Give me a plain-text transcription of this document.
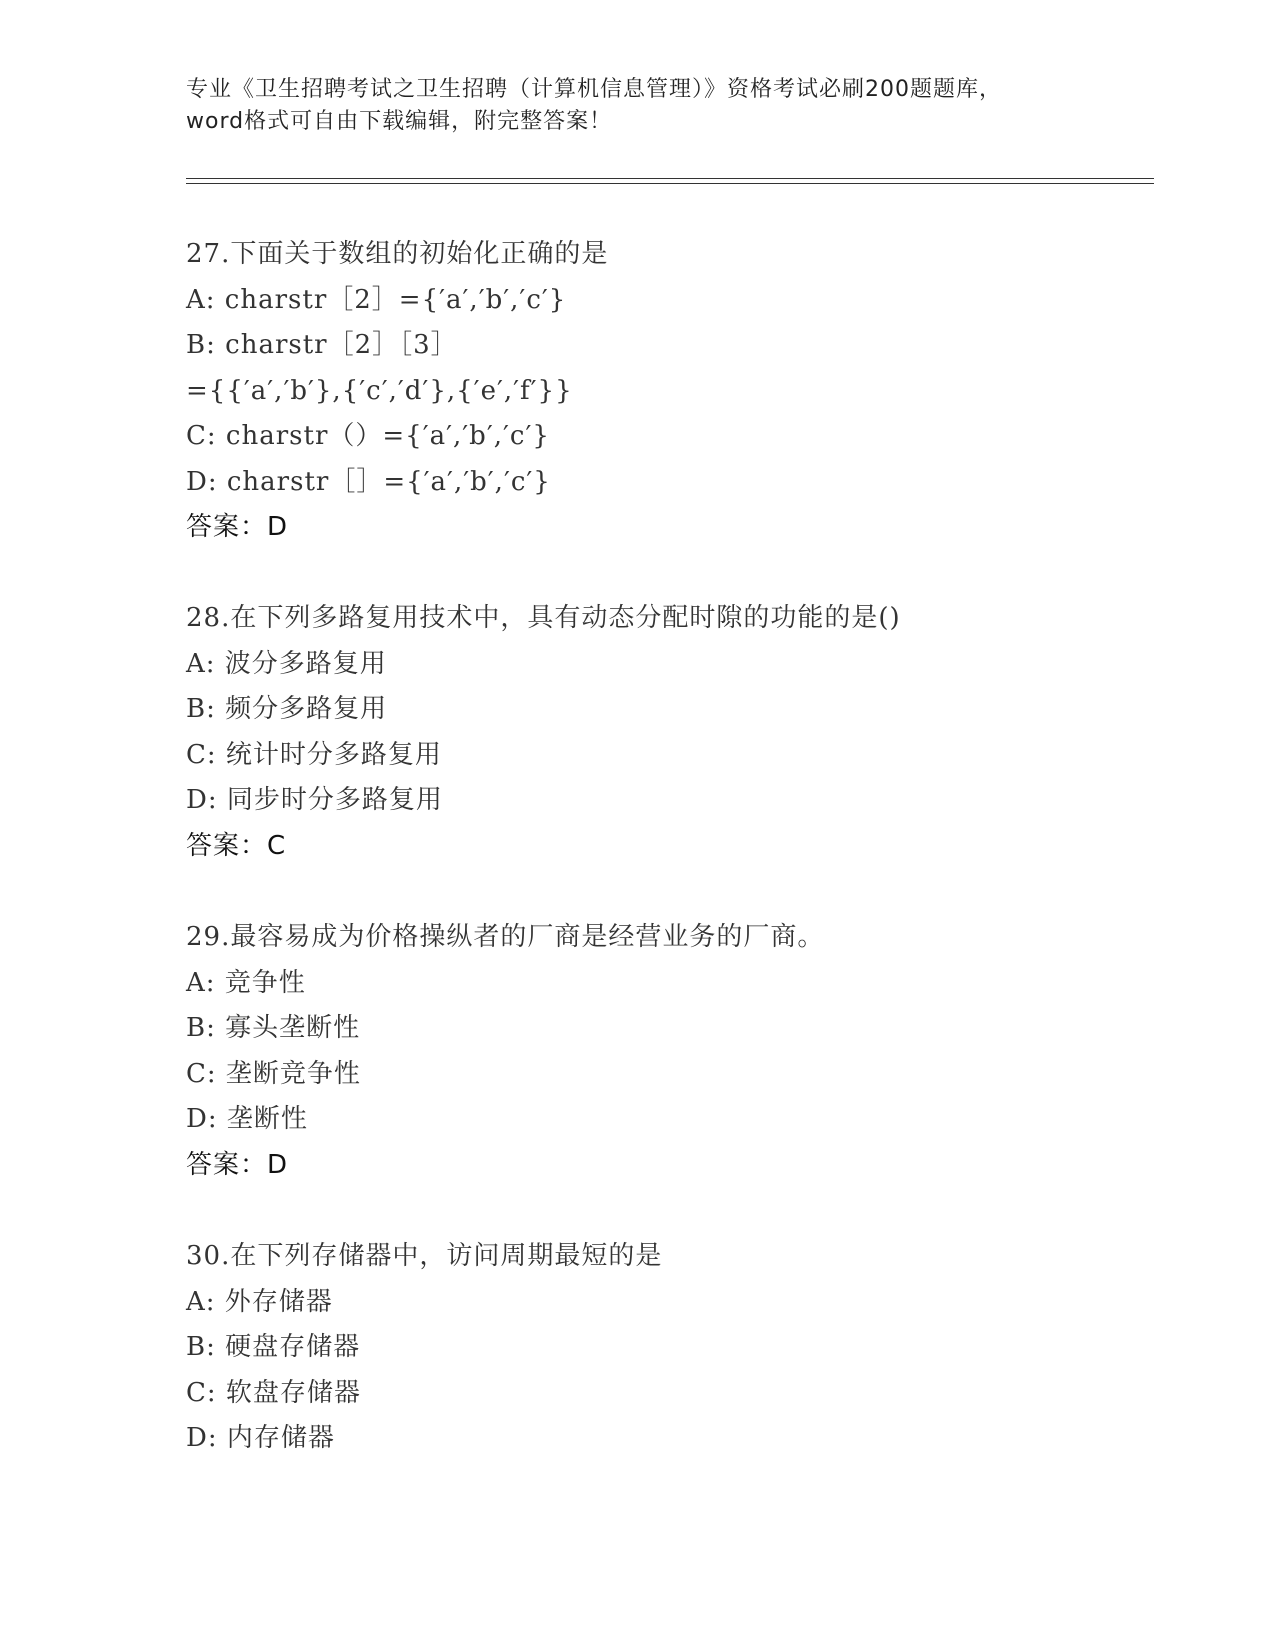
专业《卫生招聘考试之卫生招聘（计算机信息管理）》资格考试必刷200题题库，
word格式可自由下载编辑，附完整答案！
27.下面关于数组的初始化正确的是
A: charstr［2］={′a′,′b′,′c′}
B: charstr［2］［3］
={{′a′,′b′},{′c′,′d′},{′e′,′f′}}
C: charstr（）={′a′,′b′,′c′}
D: charstr［］={′a′,′b′,′c′}
答案：D
28.在下列多路复用技术中，具有动态分配时隙的功能的是()
A: 波分多路复用
B: 频分多路复用
C: 统计时分多路复用
D: 同步时分多路复用
答案：C
29.最容易成为价格操纵者的厂商是经营业务的厂商。
A: 竞争性
B: 寡头垄断性
C: 垄断竞争性
D: 垄断性
答案：D
30.在下列存储器中，访问周期最短的是
A: 外存储器
B: 硬盘存储器
C: 软盘存储器
D: 内存储器
